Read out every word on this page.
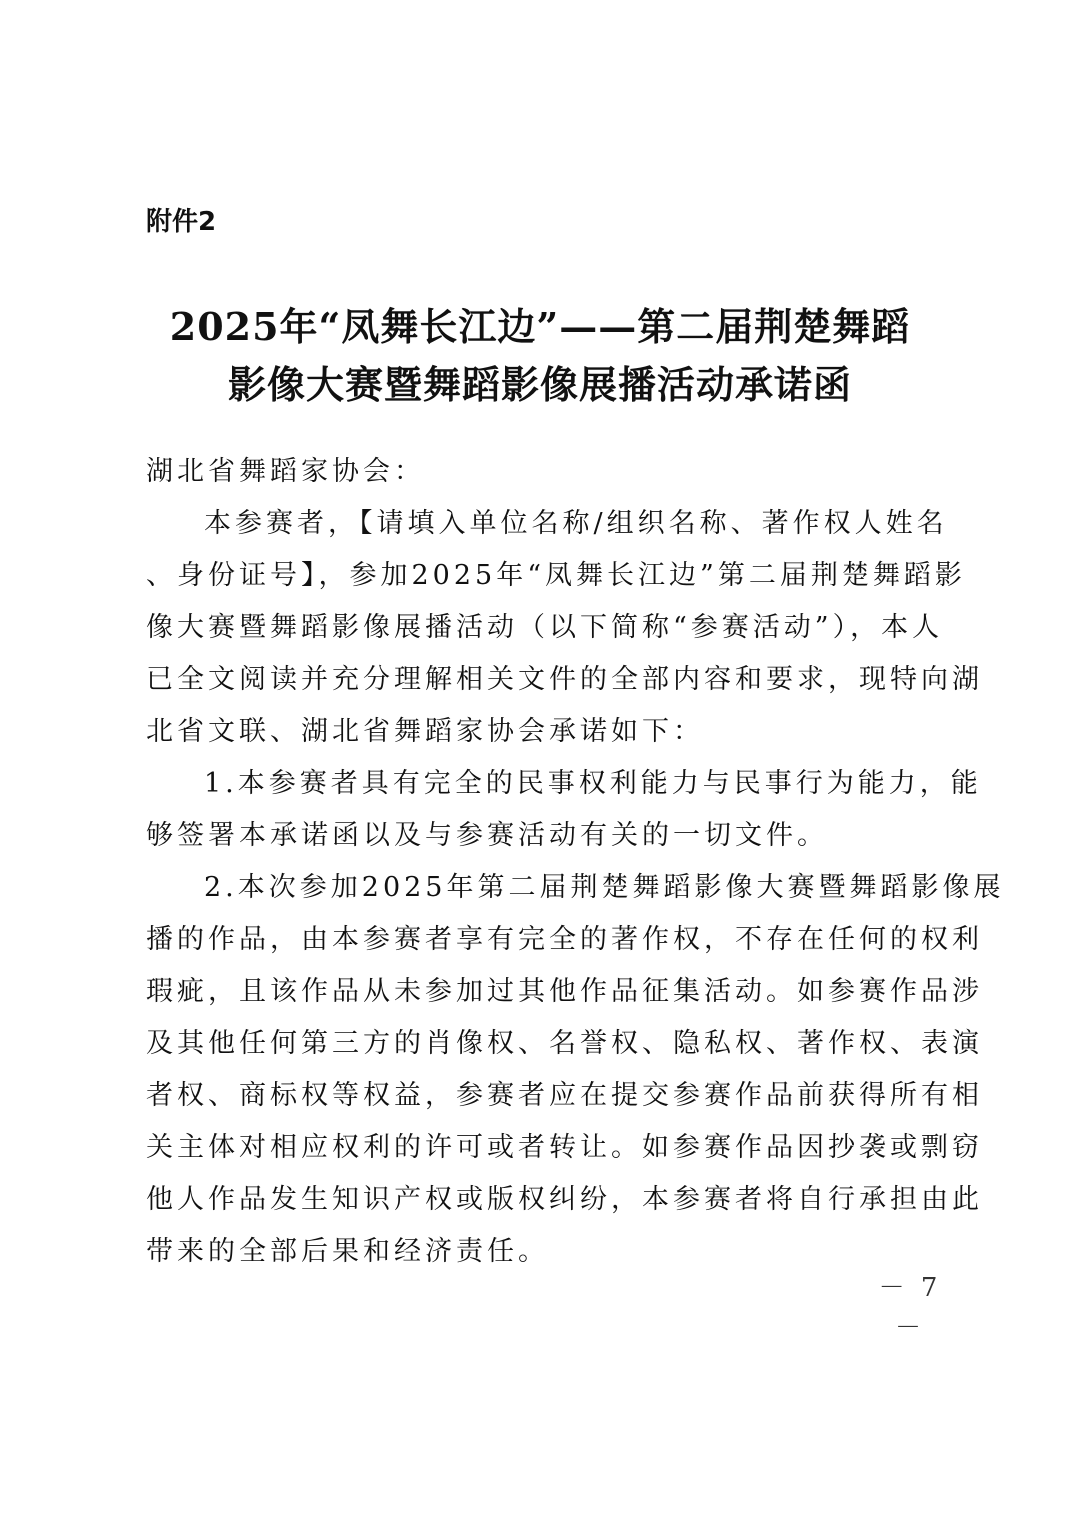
附件2
2025年“凤舞长江边”——第二届荆楚舞蹈
影像大赛暨舞蹈影像展播活动承诺函
湖北省舞蹈家协会：
本参赛者，【请填入单位名称/组织名称、著作权人姓名
、身份证号】，参加2025年“凤舞长江边”第二届荆楚舞蹈影
像大赛暨舞蹈影像展播活动（以下简称“参赛活动”），本人
已全文阅读并充分理解相关文件的全部内容和要求，现特向湖
北省文联、湖北省舞蹈家协会承诺如下：
1.本参赛者具有完全的民事权利能力与民事行为能力，能
够签署本承诺函以及与参赛活动有关的一切文件。
2.本次参加2025年第二届荆楚舞蹈影像大赛暨舞蹈影像展
播的作品，由本参赛者享有完全的著作权，不存在任何的权利
瑕疵，且该作品从未参加过其他作品征集活动。如参赛作品涉
及其他任何第三方的肖像权、名誉权、隐私权、著作权、表演
者权、商标权等权益，参赛者应在提交参赛作品前获得所有相
关主体对相应权利的许可或者转让。如参赛作品因抄袭或剽窃
他人作品发生知识产权或版权纠纷，本参赛者将自行承担由此
带来的全部后果和经济责任。
－ 7 －
